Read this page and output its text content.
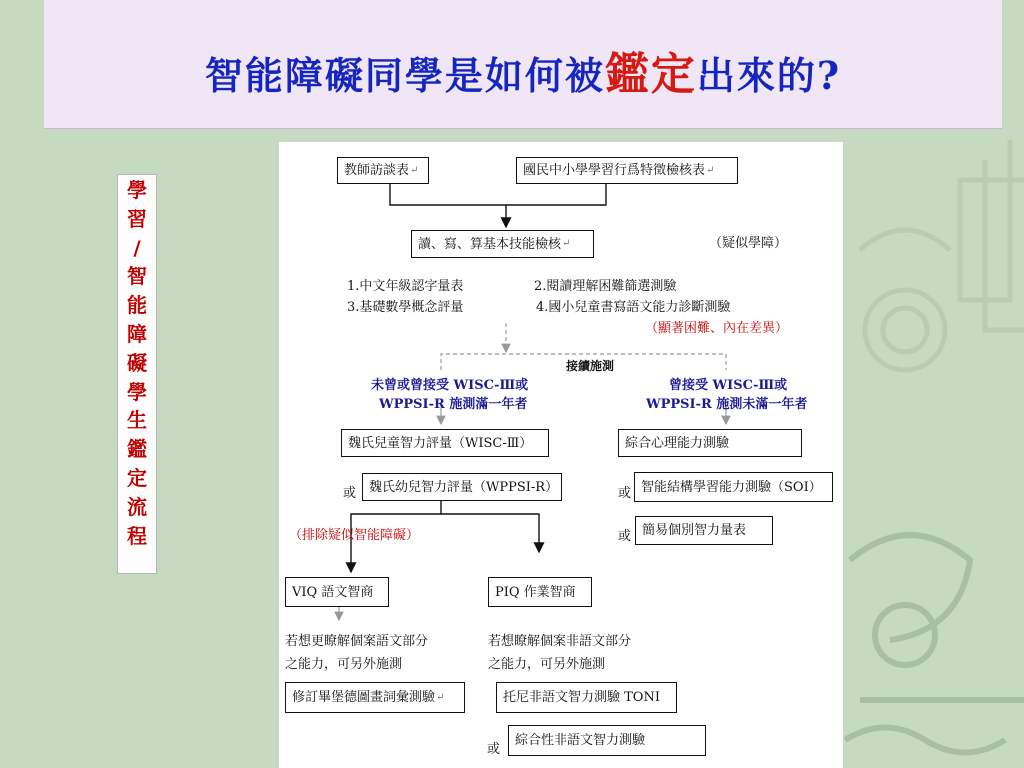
智能障礙同學是如何被鑑定出來的?
學
習
/
智
能
障
礙
學
生
鑑
定
流
程
教師訪談表 ↵	國民中小學學習行爲特徵檢核表 ↵
讀、寫、算基本技能檢核 ↵	（疑似學障）
1.中文年級認字量表	2.閱讀理解困難篩選測驗
3.基礎數學概念評量	4.國小兒童書寫語文能力診斷測驗
（顯著困難、內在差異）
接續施測
未曾或曾接受 WISC-Ⅲ或
WPPSI-R 施測滿一年者
曾接受 WISC-Ⅲ或
WPPSI-R 施測未滿一年者
魏氏兒童智力評量（WISC-Ⅲ）	綜合心理能力測驗
或 魏氏幼兒智力評量（WPPSI-R）	或 智能結構學習能力測驗（SOI）
（排除疑似智能障礙）	或 簡易個別智力量表
VIQ 語文智商	PIQ 作業智商
若想更瞭解個案語文部分
之能力，可另外施測
若想瞭解個案非語文部分
之能力，可另外施測
修訂畢堡德圖畫詞彙測驗 ↵	托尼非語文智力測驗 TONI
或
綜合性非語文智力測驗
